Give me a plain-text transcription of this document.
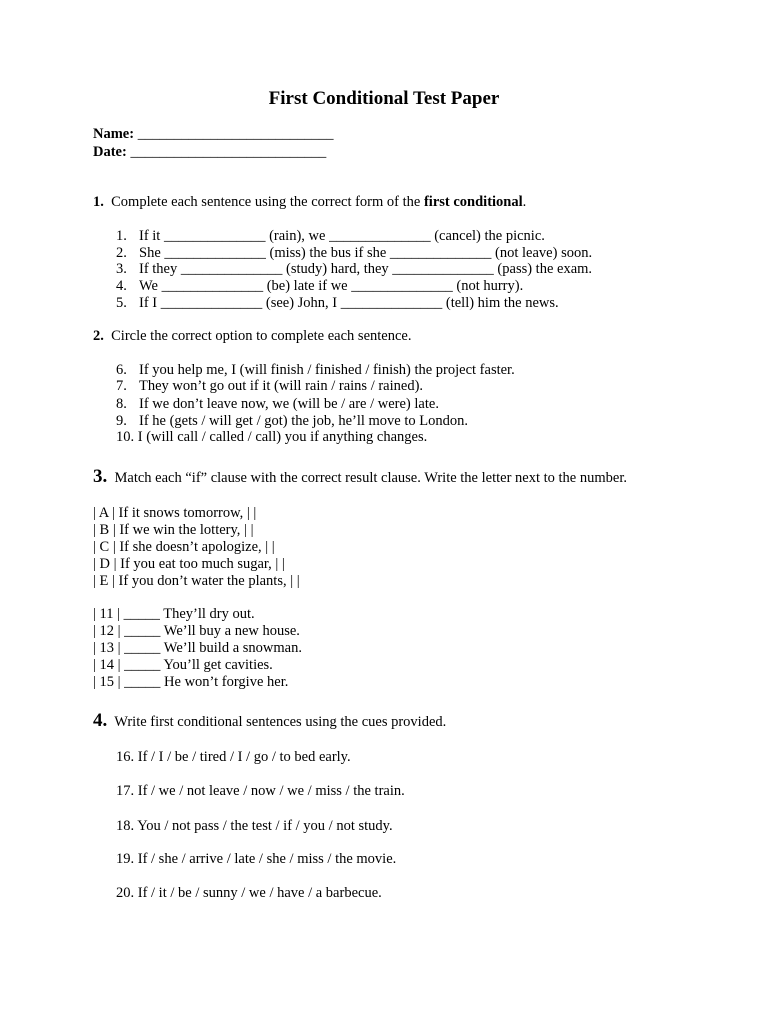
First Conditional Test Paper
Name: ___________________________
Date: ___________________________
1. Complete each sentence using the correct form of the first conditional.
1. If it ______________ (rain), we ______________ (cancel) the picnic.
2. She ______________ (miss) the bus if she ______________ (not leave) soon.
3. If they ______________ (study) hard, they ______________ (pass) the exam.
4. We ______________ (be) late if we ______________ (not hurry).
5. If I ______________ (see) John, I ______________ (tell) him the news.
2. Circle the correct option to complete each sentence.
6. If you help me, I (will finish / finished / finish) the project faster.
7. They won’t go out if it (will rain / rains / rained).
8. If we don’t leave now, we (will be / are / were) late.
9. If he (gets / will get / got) the job, he’ll move to London.
10. I (will call / called / call) you if anything changes.
3. Match each “if” clause with the correct result clause. Write the letter next to the number.
| A | If it snows tomorrow, | |
| B | If we win the lottery, | |
| C | If she doesn’t apologize, | |
| D | If you eat too much sugar, | |
| E | If you don’t water the plants, | |
| 11 | _____ They’ll dry out.
| 12 | _____ We’ll buy a new house.
| 13 | _____ We’ll build a snowman.
| 14 | _____ You’ll get cavities.
| 15 | _____ He won’t forgive her.
4. Write first conditional sentences using the cues provided.
16. If / I / be / tired / I / go / to bed early.
17. If / we / not leave / now / we / miss / the train.
18. You / not pass / the test / if / you / not study.
19. If / she / arrive / late / she / miss / the movie.
20. If / it / be / sunny / we / have / a barbecue.
